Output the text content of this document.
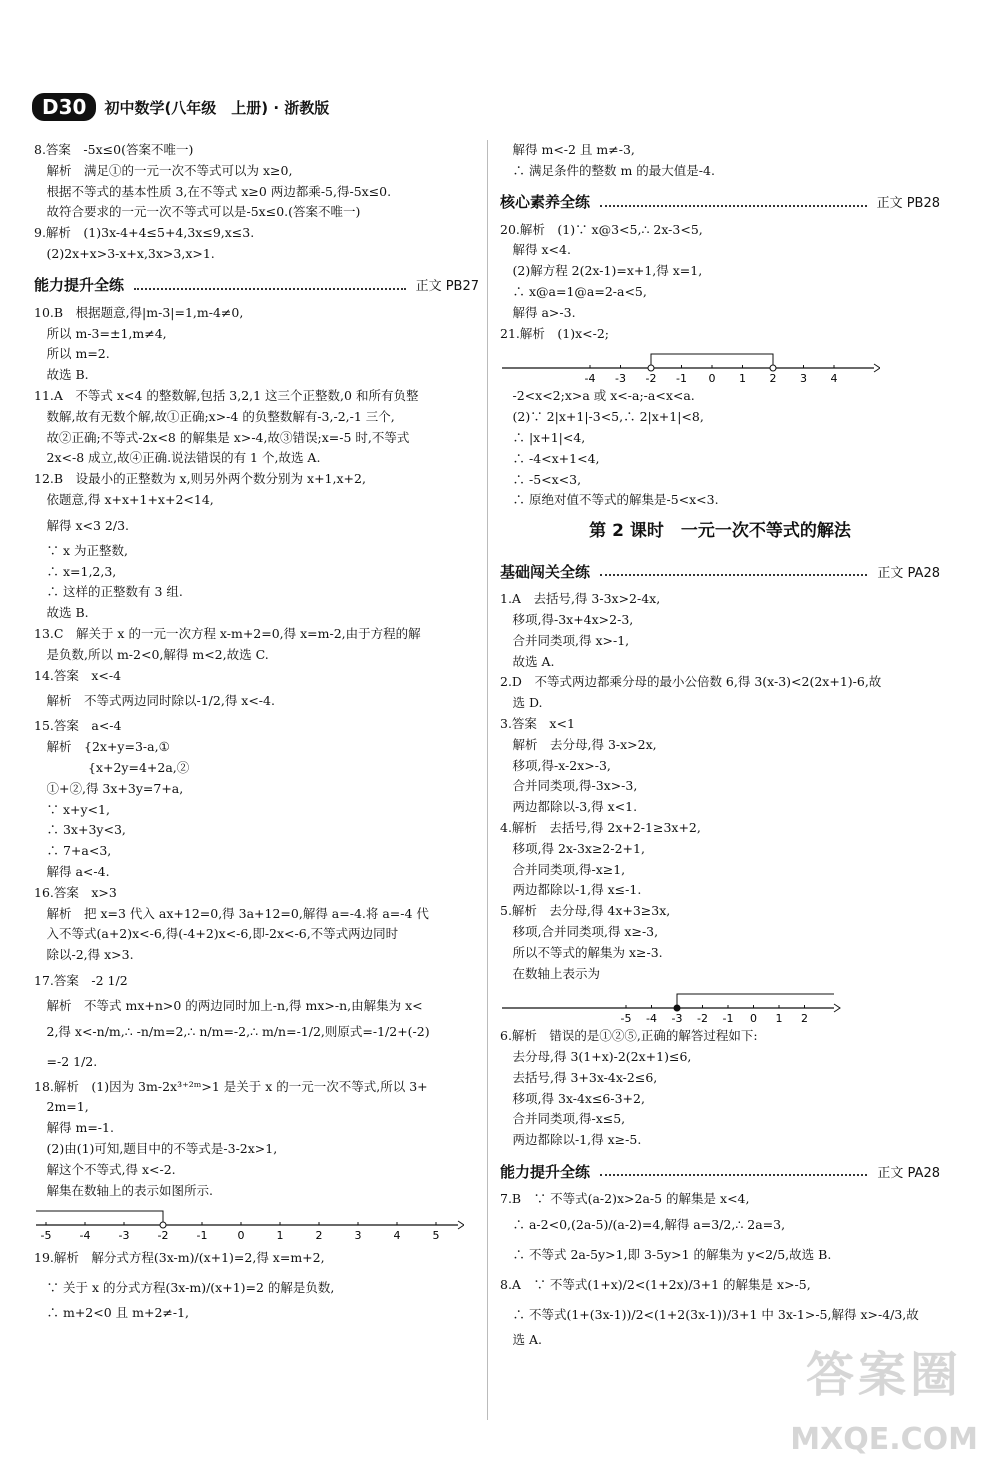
D30	初中数学(八年级　上册) · 浙教版
8.答案　-5x≤0(答案不唯一)
　解析　满足①的一元一次不等式可以为 x≥0,
　根据不等式的基本性质 3,在不等式 x≥0 两边都乘-5,得-5x≤0.
　故符合要求的一元一次不等式可以是-5x≤0.(答案不唯一)
9.解析　(1)3x-4+4≤5+4,3x≤9,x≤3.
　(2)2x+x>3-x+x,3x>3,x>1.
能力提升全练	正文 PB27
10.B　根据题意,得|m-3|=1,m-4≠0,
　所以 m-3=±1,m≠4,
　所以 m=2.
　故选 B.
11.A　不等式 x<4 的整数解,包括 3,2,1 这三个正整数,0 和所有负整
　数解,故有无数个解,故①正确;x>-4 的负整数解有-3,-2,-1 三个,
　故②正确;不等式-2x<8 的解集是 x>-4,故③错误;x=-5 时,不等式
　2x<-8 成立,故④正确.说法错误的有 1 个,故选 A.
12.B　设最小的正整数为 x,则另外两个数分别为 x+1,x+2,
　依题意,得 x+x+1+x+2<14,
　解得 x<3 2/3.
　∵ x 为正整数,
　∴ x=1,2,3,
　∴ 这样的正整数有 3 组.
　故选 B.
13.C　解关于 x 的一元一次方程 x-m+2=0,得 x=m-2,由于方程的解
　是负数,所以 m-2<0,解得 m<2,故选 C.
14.答案　x<-4
　解析　不等式两边同时除以-1/2,得 x<-4.
15.答案　a<-4
　解析　{2x+y=3-a,①
　　　　 {x+2y=4+2a,②
　①+②,得 3x+3y=7+a,
　∵ x+y<1,
　∴ 3x+3y<3,
　∴ 7+a<3,
　解得 a<-4.
16.答案　x>3
　解析　把 x=3 代入 ax+12=0,得 3a+12=0,解得 a=-4.将 a=-4 代
　入不等式(a+2)x<-6,得(-4+2)x<-6,即-2x<-6,不等式两边同时
　除以-2,得 x>3.
17.答案　-2 1/2
　解析　不等式 mx+n>0 的两边同时加上-n,得 mx>-n,由解集为 x<
　2,得 x<-n/m,∴ -n/m=2,∴ n/m=-2,∴ m/n=-1/2,则原式=-1/2+(-2)
　=-2 1/2.
18.解析　(1)因为 3m-2x³⁺²ᵐ>1 是关于 x 的一元一次不等式,所以 3+
　2m=1,
　解得 m=-1.
　(2)由(1)可知,题目中的不等式是-3-2x>1,
　解这个不等式,得 x<-2.
　解集在数轴上的表示如图所示.
-5	-4	-3	-2	-1	0	1	2	3	4	5
19.解析　解分式方程(3x-m)/(x+1)=2,得 x=m+2,
　∵ 关于 x 的分式方程(3x-m)/(x+1)=2 的解是负数,
　∴ m+2<0 且 m+2≠-1,
　解得 m<-2 且 m≠-3,
　∴ 满足条件的整数 m 的最大值是-4.
核心素养全练	正文 PB28
20.解析　(1)∵ x@3<5,∴ 2x-3<5,
　解得 x<4.
　(2)解方程 2(2x-1)=x+1,得 x=1,
　∴ x@a=1@a=2-a<5,
　解得 a>-3.
21.解析　(1)x<-2;
-4 -3 -2 -1 0 1 2 3 4
　-2<x<2;x>a 或 x<-a;-a<x<a.
　(2)∵ 2|x+1|-3<5,∴ 2|x+1|<8,
　∴ |x+1|<4,
　∴ -4<x+1<4,
　∴ -5<x<3,
　∴ 原绝对值不等式的解集是-5<x<3.
第 2 课时　一元一次不等式的解法
基础闯关全练	正文 PA28
1.A　去括号,得 3-3x>2-4x,
　移项,得-3x+4x>2-3,
　合并同类项,得 x>-1,
　故选 A.
2.D　不等式两边都乘分母的最小公倍数 6,得 3(x-3)<2(2x+1)-6,故
　选 D.
3.答案　x<1
　解析　去分母,得 3-x>2x,
　移项,得-x-2x>-3,
　合并同类项,得-3x>-3,
　两边都除以-3,得 x<1.
4.解析　去括号,得 2x+2-1≥3x+2,
　移项,得 2x-3x≥2-2+1,
　合并同类项,得-x≥1,
　两边都除以-1,得 x≤-1.
5.解析　去分母,得 4x+3≥3x,
　移项,合并同类项,得 x≥-3,
　所以不等式的解集为 x≥-3.
　在数轴上表示为
-5 -4 -3 -2 -1 0 1 2
6.解析　错误的是①②⑤,正确的解答过程如下:
　去分母,得 3(1+x)-2(2x+1)≤6,
　去括号,得 3+3x-4x-2≤6,
　移项,得 3x-4x≤6-3+2,
　合并同类项,得-x≤5,
　两边都除以-1,得 x≥-5.
能力提升全练	正文 PA28
7.B　∵ 不等式(a-2)x>2a-5 的解集是 x<4,
　∴ a-2<0,(2a-5)/(a-2)=4,解得 a=3/2,∴ 2a=3,
　∴ 不等式 2a-5y>1,即 3-5y>1 的解集为 y<2/5,故选 B.
8.A　∵ 不等式(1+x)/2<(1+2x)/3+1 的解集是 x>-5,
　∴ 不等式(1+(3x-1))/2<(1+2(3x-1))/3+1 中 3x-1>-5,解得 x>-4/3,故
　选 A.
答案圈
MXQE.COM
